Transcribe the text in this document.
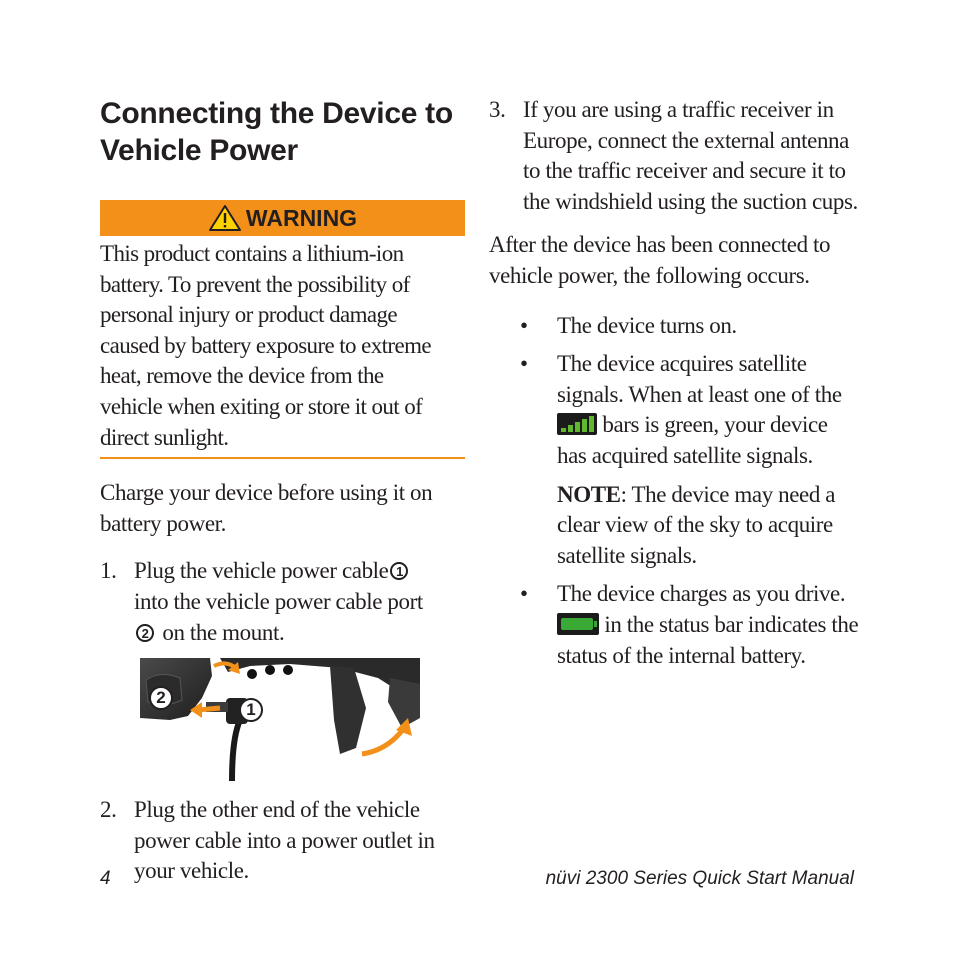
Connecting the Device to Vehicle Power
WARNING
This product contains a lithium-ion
battery. To prevent the possibility of
personal injury or product damage
caused by battery exposure to extreme
heat, remove the device from the
vehicle when exiting or store it out of
direct sunlight.

Charge your device before using it on battery power.

1. Plug the vehicle power cable 1
into the vehicle power cable port
2 on the mount.
2
1
2. Plug the other end of the vehicle power cable into a power outlet in your vehicle.
3. If you are using a traffic receiver in Europe, connect the external antenna to the traffic receiver and secure it to the windshield using the suction cups.

After the device has been connected to vehicle power, the following occurs.

•	The device turns on.
•	The device acquires satellite signals. When at least one of the  bars is green, your device has acquired satellite signals.

NOTE: The device may need a clear view of the sky to acquire satellite signals.

•	The device charges as you drive.  in the status bar indicates the status of the internal battery.
4	nüvi 2300 Series Quick Start Manual
